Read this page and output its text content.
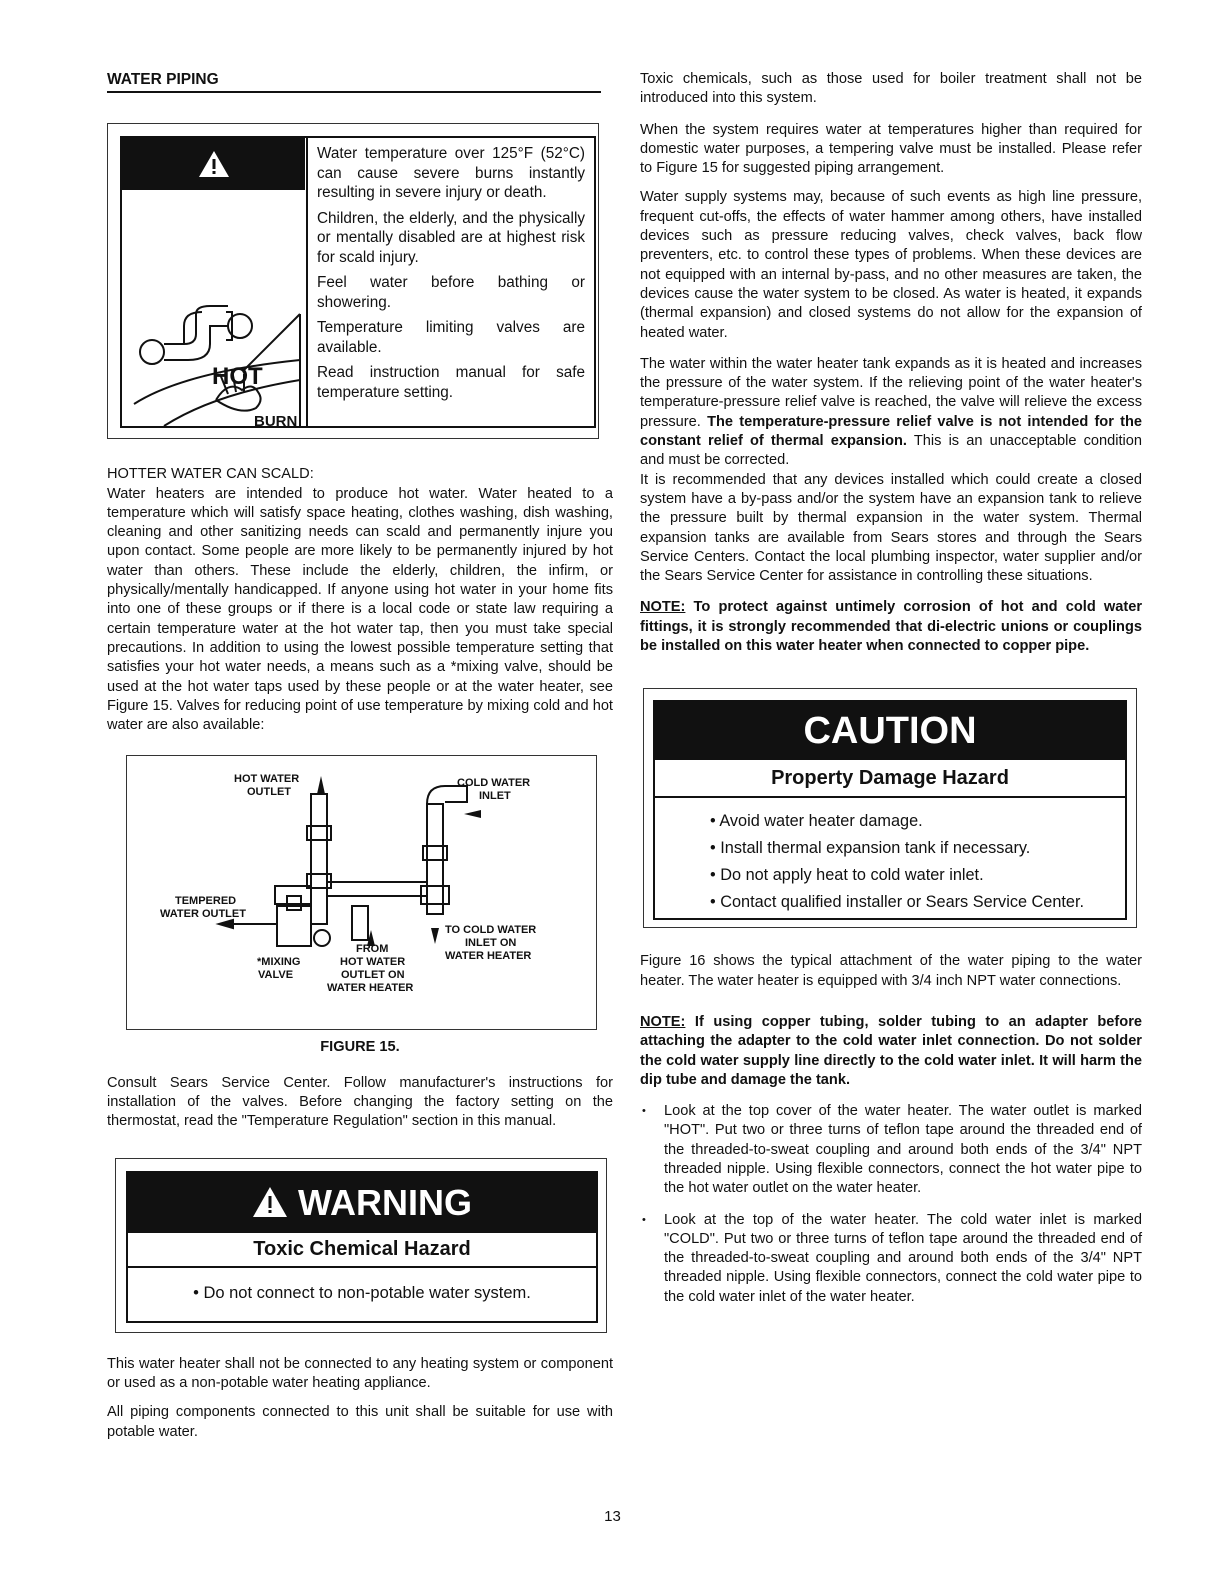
WATER PIPING
DANGER
HOT
BURN

Water temperature over 125°F (52°C) can cause severe burns instantly resulting in severe injury or death.

Children, the elderly, and the physically or mentally disabled are at highest risk for scald injury.

Feel water before bathing or showering.

Temperature limiting valves are available.

Read instruction manual for safe temperature setting.

HOTTER WATER CAN SCALD:

Water heaters are intended to produce hot water. Water heated to a temperature which will satisfy space heating, clothes washing, dish washing, cleaning and other sanitizing needs can scald and permanently injure you upon contact. Some people are more likely to be permanently injured by hot water than others. These include the elderly, children, the infirm, or physically/mentally handicapped. If anyone using hot water in your home fits into one of these groups or if there is a local code or state law requiring a certain temperature water at the hot water tap, then you must take special precautions. In addition to using the lowest possible temperature setting that satisfies your hot water needs, a means such as a *mixing valve, should be used at the hot water taps used by these people or at the water heater, see Figure 15. Valves for reducing point of use temperature by mixing cold and hot water are also available:

HOT WATER
OUTLET
COLD WATER
INLET
TEMPERED
WATER OUTLET
TO COLD WATER
INLET ON
WATER HEATER
FROM
HOT WATER
OUTLET ON
WATER HEATER
*MIXING
VALVE
FIGURE 15.

Consult Sears Service Center. Follow manufacturer's instructions for installation of the valves. Before changing the factory setting on the thermostat, read the "Temperature Regulation" section in this manual.

WARNING
Toxic Chemical Hazard
• Do not connect to non-potable water system.

This water heater shall not be connected to any heating system or component or used as a non-potable water heating appliance.

All piping components connected to this unit shall be suitable for use with potable water.

Toxic chemicals, such as those used for boiler treatment shall not be introduced into this system.

When the system requires water at temperatures higher than required for domestic water purposes, a tempering valve must be installed. Please refer to Figure 15 for suggested piping arrangement.

Water supply systems may, because of such events as high line pressure, frequent cut-offs, the effects of water hammer among others, have installed devices such as pressure reducing valves, check valves, back flow preventers, etc. to control these types of problems. When these devices are not equipped with an internal by-pass, and no other measures are taken, the devices cause the water system to be closed. As water is heated, it expands (thermal expansion) and closed systems do not allow for the expansion of heated water.

The water within the water heater tank expands as it is heated and increases the pressure of the water system. If the relieving point of the water heater's temperature-pressure relief valve is reached, the valve will relieve the excess pressure. The temperature-pressure relief valve is not intended for the constant relief of thermal expansion. This is an unacceptable condition and must be corrected.

It is recommended that any devices installed which could create a closed system have a by-pass and/or the system have an expansion tank to relieve the pressure built by thermal expansion in the water system. Thermal expansion tanks are available from Sears stores and through the Sears Service Centers. Contact the local plumbing inspector, water supplier and/or the Sears Service Center for assistance in controlling these situations.

NOTE: To protect against untimely corrosion of hot and cold water fittings, it is strongly recommended that di-electric unions or couplings be installed on this water heater when connected to copper pipe.

CAUTION
Property Damage Hazard
• Avoid water heater damage.
• Install thermal expansion tank if necessary.
• Do not apply heat to cold water inlet.
• Contact qualified installer or Sears Service Center.

Figure 16 shows the typical attachment of the water piping to the water heater. The water heater is equipped with 3/4 inch NPT water connections.

NOTE: If using copper tubing, solder tubing to an adapter before attaching the adapter to the cold water inlet connection. Do not solder the cold water supply line directly to the cold water inlet. It will harm the dip tube and damage the tank.

• Look at the top cover of the water heater. The water outlet is marked "HOT". Put two or three turns of teflon tape around the threaded end of the threaded-to-sweat coupling and around both ends of the 3/4" NPT threaded nipple. Using flexible connectors, connect the hot water pipe to the hot water outlet on the water heater.
• Look at the top of the water heater. The cold water inlet is marked "COLD". Put two or three turns of teflon tape around the threaded end of the threaded-to-sweat coupling and around both ends of the 3/4" NPT threaded nipple. Using flexible connectors, connect the cold water pipe to the cold water inlet of the water heater.
13
